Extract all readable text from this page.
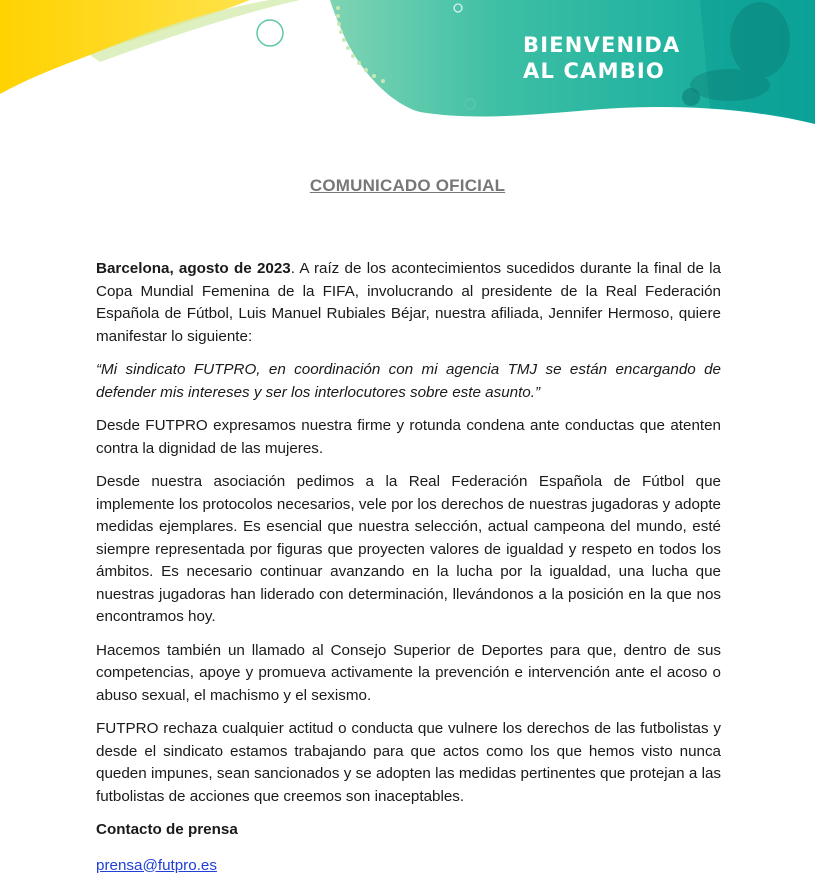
BIENVENIDA
AL CAMBIO
COMUNICADO OFICIAL

Barcelona, agosto de 2023. A raíz de los acontecimientos sucedidos durante la final de la Copa Mundial Femenina de la FIFA, involucrando al presidente de la Real Federación Española de Fútbol, Luis Manuel Rubiales Béjar, nuestra afiliada, Jennifer Hermoso, quiere manifestar lo siguiente:

“Mi sindicato FUTPRO, en coordinación con mi agencia TMJ se están encargando de defender mis intereses y ser los interlocutores sobre este asunto.”

Desde FUTPRO expresamos nuestra firme y rotunda condena ante conductas que atenten contra la dignidad de las mujeres.

Desde nuestra asociación pedimos a la Real Federación Española de Fútbol que implemente los protocolos necesarios, vele por los derechos de nuestras jugadoras y adopte medidas ejemplares. Es esencial que nuestra selección, actual campeona del mundo, esté siempre representada por figuras que proyecten valores de igualdad y respeto en todos los ámbitos. Es necesario continuar avanzando en la lucha por la igualdad, una lucha que nuestras jugadoras han liderado con determinación, llevándonos a la posición en la que nos encontramos hoy.

Hacemos también un llamado al Consejo Superior de Deportes para que, dentro de sus competencias, apoye y promueva activamente la prevención e intervención ante el acoso o abuso sexual, el machismo y el sexismo.

FUTPRO rechaza cualquier actitud o conducta que vulnere los derechos de las futbolistas y desde el sindicato estamos trabajando para que actos como los que hemos visto nunca queden impunes, sean sancionados y se adopten las medidas pertinentes que protejan a las futbolistas de acciones que creemos son inaceptables.

Contacto de prensa
prensa@futpro.es
